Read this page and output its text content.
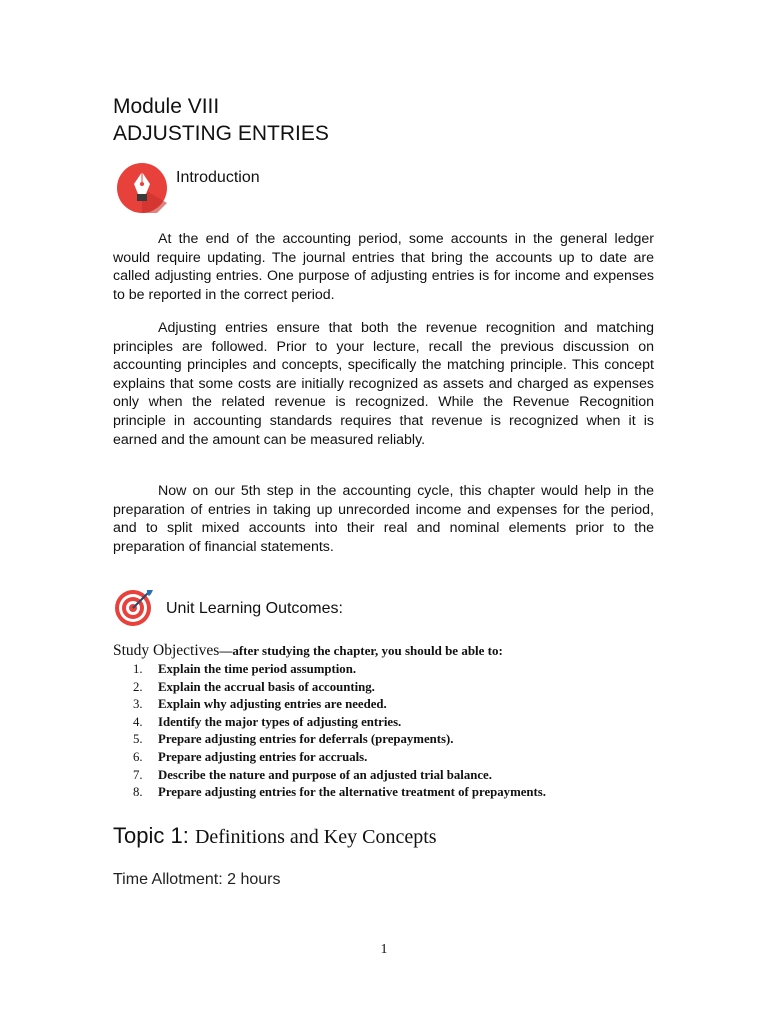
Module VIII
ADJUSTING ENTRIES
Introduction

At the end of the accounting period, some accounts in the general ledger would require updating. The journal entries that bring the accounts up to date are called adjusting entries. One purpose of adjusting entries is for income and expenses to be reported in the correct period.

Adjusting entries ensure that both the revenue recognition and matching principles are followed. Prior to your lecture, recall the previous discussion on accounting principles and concepts, specifically the matching principle. This concept explains that some costs are initially recognized as assets and charged as expenses only when the related revenue is recognized. While the Revenue Recognition principle in accounting standards requires that revenue is recognized when it is earned and the amount can be measured reliably.

Now on our 5th step in the accounting cycle, this chapter would help in the preparation of entries in taking up unrecorded income and expenses for the period, and to split mixed accounts into their real and nominal elements prior to the preparation of financial statements.

Unit Learning Outcomes:

Study Objectives—after studying the chapter, you should be able to:

1.	Explain the time period assumption.
2.	Explain the accrual basis of accounting.
3.	Explain why adjusting entries are needed.
4.	Identify the major types of adjusting entries.
5.	Prepare adjusting entries for deferrals (prepayments).
6.	Prepare adjusting entries for accruals.
7.	Describe the nature and purpose of an adjusted trial balance.
8.	Prepare adjusting entries for the alternative treatment of prepayments.
Topic 1: Definitions and Key Concepts

Time Allotment: 2 hours

1
